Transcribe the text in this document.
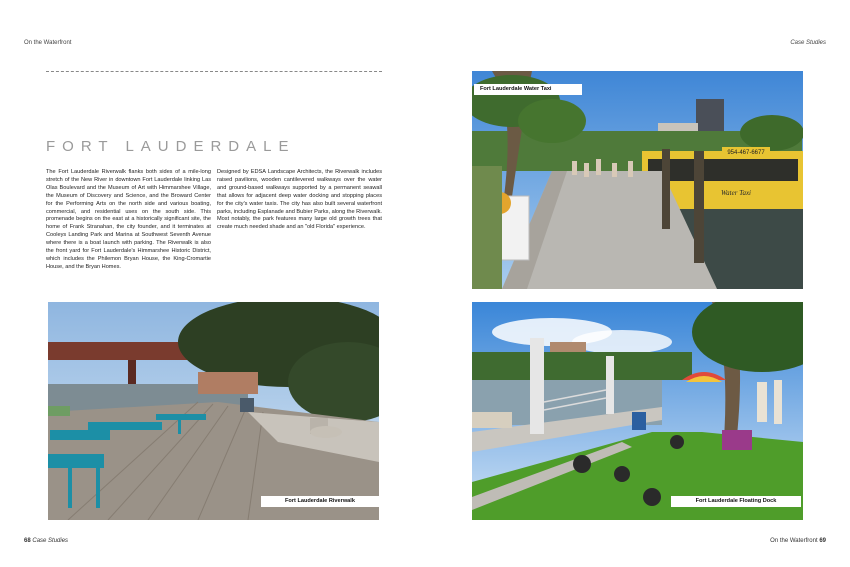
On the Waterfront	Case Studies
FORT LAUDERDALE

The Fort Lauderdale Riverwalk flanks both sides of a mile-long stretch of the New River in downtown Fort Lauderdale linking Las Olas Boulevard and the Museum of Art with Himmarshee Village, the Museum of Discovery and Science, and the Broward Center for the Performing Arts on the north side and various boating, commercial, and residential uses on the south side. This promenade begins on the east at a historically significant site, the home of Frank Stranahan, the city founder, and it terminates at Cooleys Landing Park and Marina at Southwest Seventh Avenue where there is a boat launch with parking. The Riverwalk is also the front yard for Fort Lauderdale's Himmarshee Historic District, which includes the Philemon Bryan House, the King-Cromartie House, and the Bryan Homes.

Designed by EDSA Landscape Architects, the Riverwalk includes raised pavilions, wooden cantilevered walkways over the water and ground-based walkways supported by a permanent seawall that allows for adjacent deep water docking and stopping places for the city's water taxis. The city has also built several waterfront parks, including Esplanade and Bubier Parks, along the Riverwalk. Most notably, the park features many large old growth trees that create much needed shade and an "old Florida" experience.

954-467-6677
Water Taxi
Fort Lauderdale Water Taxi
Fort Lauderdale Riverwalk	Fort Lauderdale Floating Dock
68 Case Studies	On the Waterfront 69
